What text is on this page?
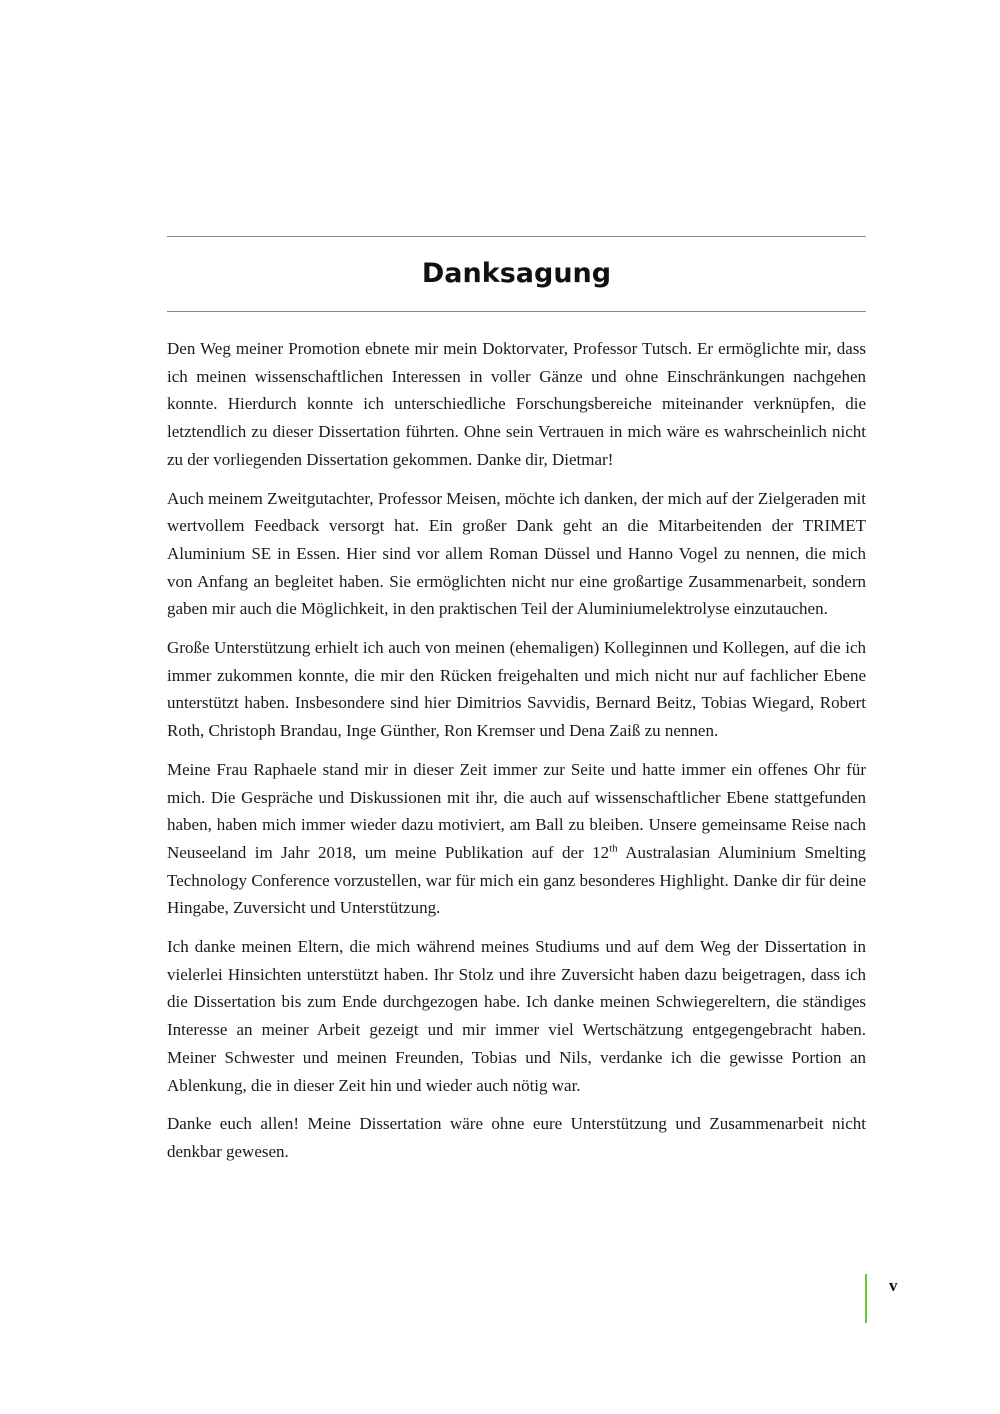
Danksagung

Den Weg meiner Promotion ebnete mir mein Doktorvater, Professor Tutsch. Er ermöglichte mir, dass ich meinen wissenschaftlichen Interessen in voller Gänze und ohne Einschränkungen nachgehen konnte. Hierdurch konnte ich unterschiedliche Forschungsbereiche miteinander verknüpfen, die letztendlich zu dieser Dissertation führten. Ohne sein Vertrauen in mich wäre es wahrscheinlich nicht zu der vorliegenden Dissertation gekommen. Danke dir, Dietmar!

Auch meinem Zweitgutachter, Professor Meisen, möchte ich danken, der mich auf der Zielgeraden mit wertvollem Feedback versorgt hat. Ein großer Dank geht an die Mitarbeitenden der TRIMET Aluminium SE in Essen. Hier sind vor allem Roman Düssel und Hanno Vogel zu nennen, die mich von Anfang an begleitet haben. Sie ermöglichten nicht nur eine großartige Zusammenarbeit, sondern gaben mir auch die Möglichkeit, in den praktischen Teil der Aluminiumelektrolyse einzutauchen.

Große Unterstützung erhielt ich auch von meinen (ehemaligen) Kolleginnen und Kollegen, auf die ich immer zukommen konnte, die mir den Rücken freigehalten und mich nicht nur auf fachlicher Ebene unterstützt haben. Insbesondere sind hier Dimitrios Savvidis, Bernard Beitz, Tobias Wiegard, Robert Roth, Christoph Brandau, Inge Günther, Ron Kremser und Dena Zaiß zu nennen.

Meine Frau Raphaele stand mir in dieser Zeit immer zur Seite und hatte immer ein offenes Ohr für mich. Die Gespräche und Diskussionen mit ihr, die auch auf wissenschaftlicher Ebene stattgefunden haben, haben mich immer wieder dazu motiviert, am Ball zu bleiben. Unsere gemeinsame Reise nach Neuseeland im Jahr 2018, um meine Publikation auf der 12th Australasian Aluminium Smelting Technology Conference vorzustellen, war für mich ein ganz besonderes Highlight. Danke dir für deine Hingabe, Zuversicht und Unterstützung.

Ich danke meinen Eltern, die mich während meines Studiums und auf dem Weg der Dissertation in vielerlei Hinsichten unterstützt haben. Ihr Stolz und ihre Zuversicht haben dazu beigetragen, dass ich die Dissertation bis zum Ende durchgezogen habe. Ich danke meinen Schwiegereltern, die ständiges Interesse an meiner Arbeit gezeigt und mir immer viel Wertschätzung entgegengebracht haben. Meiner Schwester und meinen Freunden, Tobias und Nils, verdanke ich die gewisse Portion an Ablenkung, die in dieser Zeit hin und wieder auch nötig war.

Danke euch allen! Meine Dissertation wäre ohne eure Unterstützung und Zusammenarbeit nicht denkbar gewesen.

v
